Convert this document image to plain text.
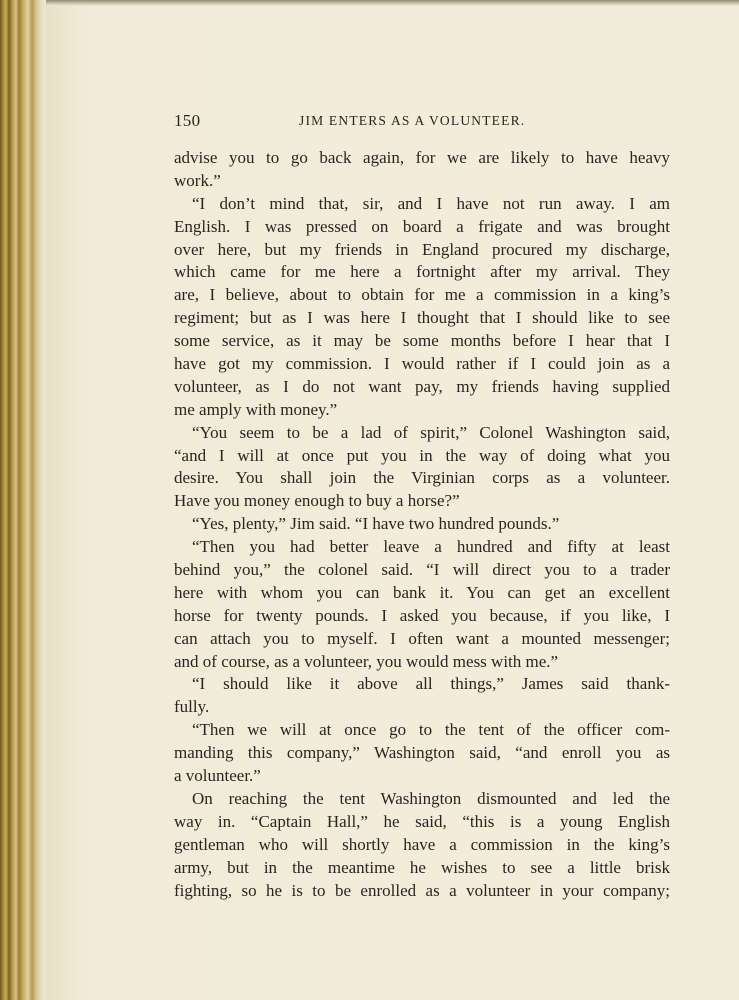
150	JIM ENTERS AS A VOLUNTEER.
advise you to go back again, for we are likely to have heavy
work.”
“I don’t mind that, sir, and I have not run away. I am
English. I was pressed on board a frigate and was brought
over here, but my friends in England procured my discharge,
which came for me here a fortnight after my arrival. They
are, I believe, about to obtain for me a commission in a king’s
regiment; but as I was here I thought that I should like to see
some service, as it may be some months before I hear that I
have got my commission. I would rather if I could join as a
volunteer, as I do not want pay, my friends having supplied
me amply with money.”
“You seem to be a lad of spirit,” Colonel Washington said,
“and I will at once put you in the way of doing what you
desire. You shall join the Virginian corps as a volunteer.
Have you money enough to buy a horse?”
“Yes, plenty,” Jim said. “I have two hundred pounds.”
“Then you had better leave a hundred and fifty at least
behind you,” the colonel said. “I will direct you to a trader
here with whom you can bank it. You can get an excellent
horse for twenty pounds. I asked you because, if you like, I
can attach you to myself. I often want a mounted messenger;
and of course, as a volunteer, you would mess with me.”
“I should like it above all things,” James said thank-
fully.
“Then we will at once go to the tent of the officer com-
manding this company,” Washington said, “and enroll you as
a volunteer.”
On reaching the tent Washington dismounted and led the
way in. “Captain Hall,” he said, “this is a young English
gentleman who will shortly have a commission in the king’s
army, but in the meantime he wishes to see a little brisk
fighting, so he is to be enrolled as a volunteer in your company;
